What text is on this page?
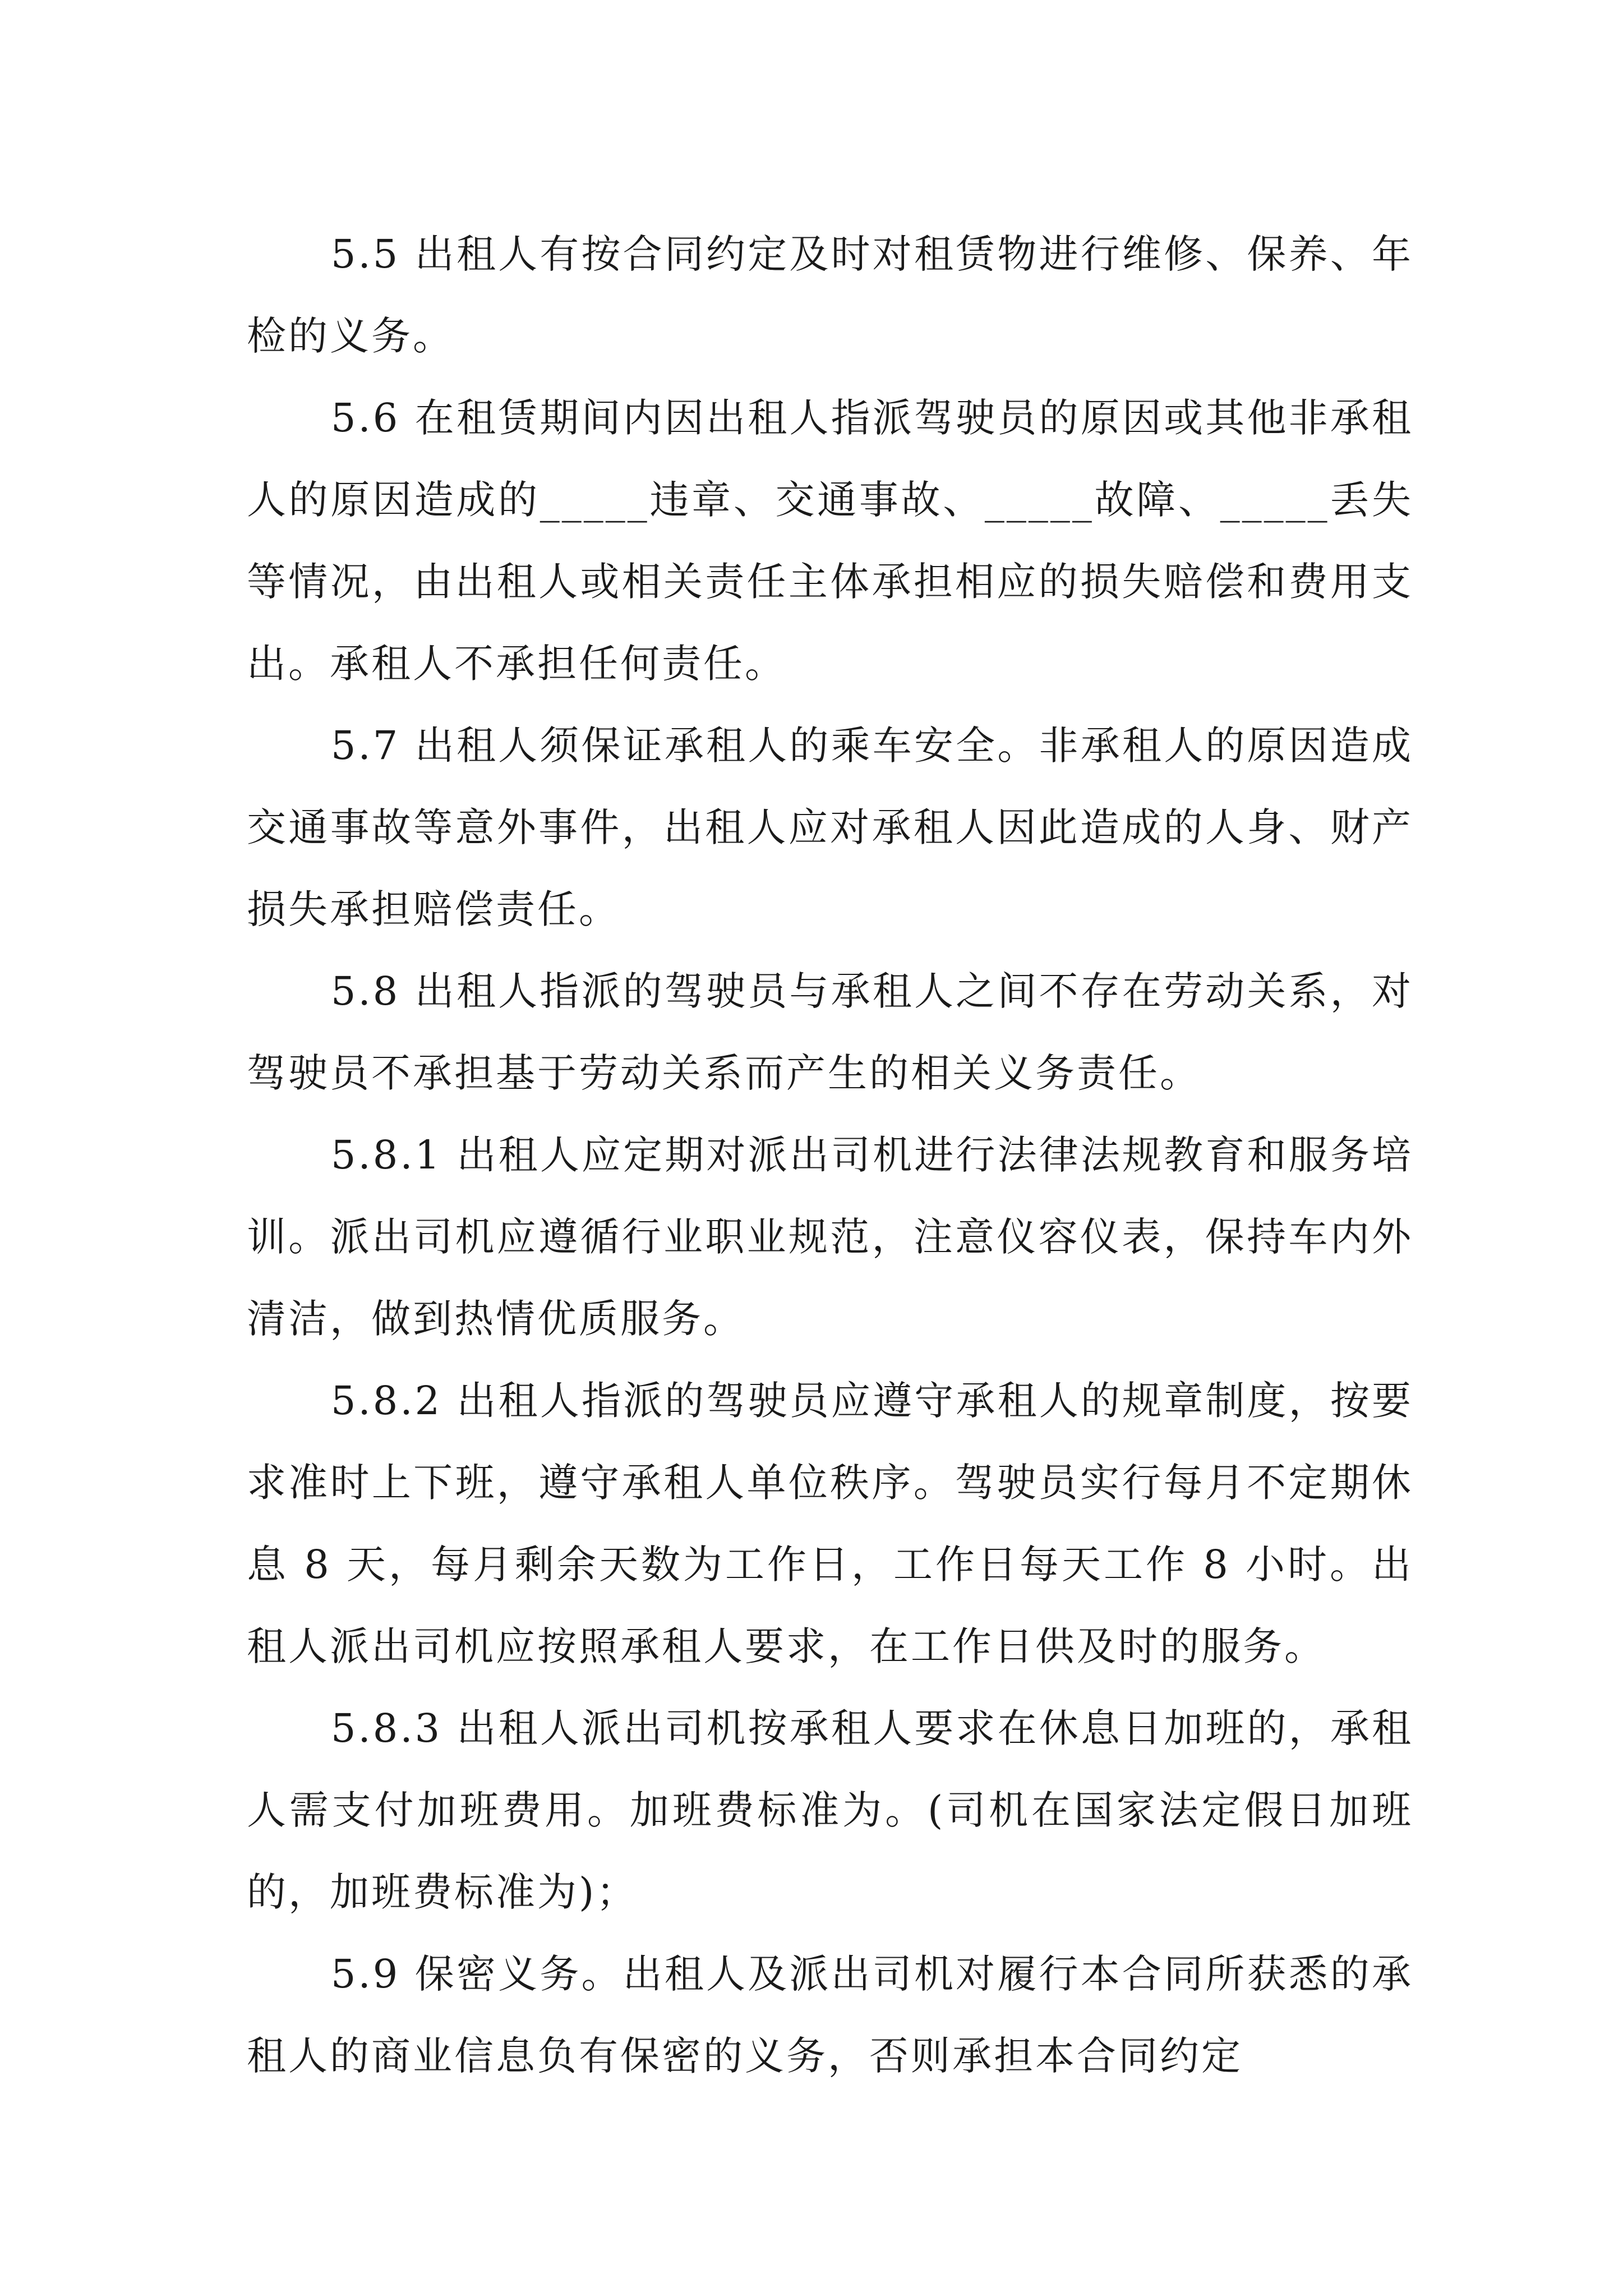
5.5 出租人有按合同约定及时对租赁物进行维修、保养、年检的义务。

5.6 在租赁期间内因出租人指派驾驶员的原因或其他非承租人的原因造成的_____违章、交通事故、_____故障、_____丢失等情况，由出租人或相关责任主体承担相应的损失赔偿和费用支出。承租人不承担任何责任。

5.7 出租人须保证承租人的乘车安全。非承租人的原因造成交通事故等意外事件，出租人应对承租人因此造成的人身、财产损失承担赔偿责任。

5.8 出租人指派的驾驶员与承租人之间不存在劳动关系，对驾驶员不承担基于劳动关系而产生的相关义务责任。

5.8.1 出租人应定期对派出司机进行法律法规教育和服务培训。派出司机应遵循行业职业规范，注意仪容仪表，保持车内外清洁，做到热情优质服务。

5.8.2 出租人指派的驾驶员应遵守承租人的规章制度，按要求准时上下班，遵守承租人单位秩序。驾驶员实行每月不定期休息 8 天，每月剩余天数为工作日，工作日每天工作 8 小时。出租人派出司机应按照承租人要求，在工作日供及时的服务。

5.8.3 出租人派出司机按承租人要求在休息日加班的，承租人需支付加班费用。加班费标准为。(司机在国家法定假日加班的，加班费标准为)；

5.9 保密义务。出租人及派出司机对履行本合同所获悉的承租人的商业信息负有保密的义务，否则承担本合同约定
